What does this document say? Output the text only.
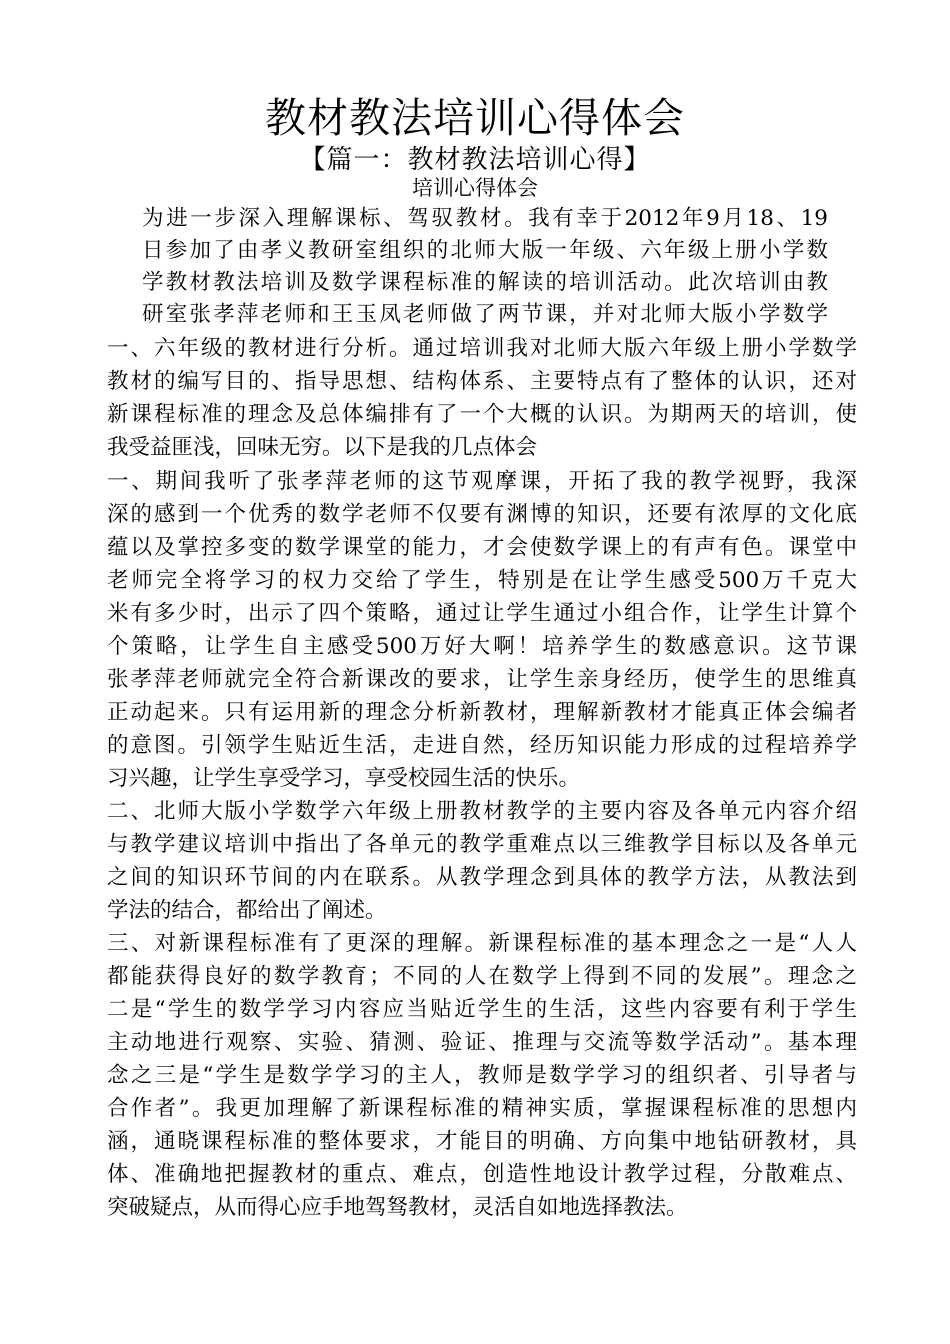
教材教法培训心得体会
【篇一：教材教法培训心得】
培训心得体会
为进一步深入理解课标、驾驭教材。我有幸于2012年9月18、19
日参加了由孝义教研室组织的北师大版一年级、六年级上册小学数
学教材教法培训及数学课程标准的解读的培训活动。此次培训由教
研室张孝萍老师和王玉凤老师做了两节课，并对北师大版小学数学
一、六年级的教材进行分析。通过培训我对北师大版六年级上册小学数学
教材的编写目的、指导思想、结构体系、主要特点有了整体的认识，还对
新课程标准的理念及总体编排有了一个大概的认识。为期两天的培训，使
我受益匪浅，回味无穷。以下是我的几点体会
一、期间我听了张孝萍老师的这节观摩课，开拓了我的教学视野，我深
深的感到一个优秀的数学老师不仅要有渊博的知识，还要有浓厚的文化底
蕴以及掌控多变的数学课堂的能力，才会使数学课上的有声有色。课堂中
老师完全将学习的权力交给了学生，特别是在让学生感受500万千克大
米有多少时，出示了四个策略，通过让学生通过小组合作，让学生计算个
个策略，让学生自主感受500万好大啊！培养学生的数感意识。这节课
张孝萍老师就完全符合新课改的要求，让学生亲身经历，使学生的思维真
正动起来。只有运用新的理念分析新教材，理解新教材才能真正体会编者
的意图。引领学生贴近生活，走进自然，经历知识能力形成的过程培养学
习兴趣，让学生享受学习，享受校园生活的快乐。
二、北师大版小学数学六年级上册教材教学的主要内容及各单元内容介绍
与教学建议培训中指出了各单元的教学重难点以三维教学目标以及各单元
之间的知识环节间的内在联系。从教学理念到具体的教学方法，从教法到
学法的结合，都给出了阐述。
三、对新课程标准有了更深的理解。新课程标准的基本理念之一是“人人
都能获得良好的数学教育；不同的人在数学上得到不同的发展”。理念之
二是“学生的数学学习内容应当贴近学生的生活，这些内容要有利于学生
主动地进行观察、实验、猜测、验证、推理与交流等数学活动”。基本理
念之三是“学生是数学学习的主人，教师是数学学习的组织者、引导者与
合作者”。我更加理解了新课程标准的精神实质，掌握课程标准的思想内
涵，通晓课程标准的整体要求，才能目的明确、方向集中地钻研教材，具
体、准确地把握教材的重点、难点，创造性地设计教学过程，分散难点、
突破疑点，从而得心应手地驾驽教材，灵活自如地选择教法。
